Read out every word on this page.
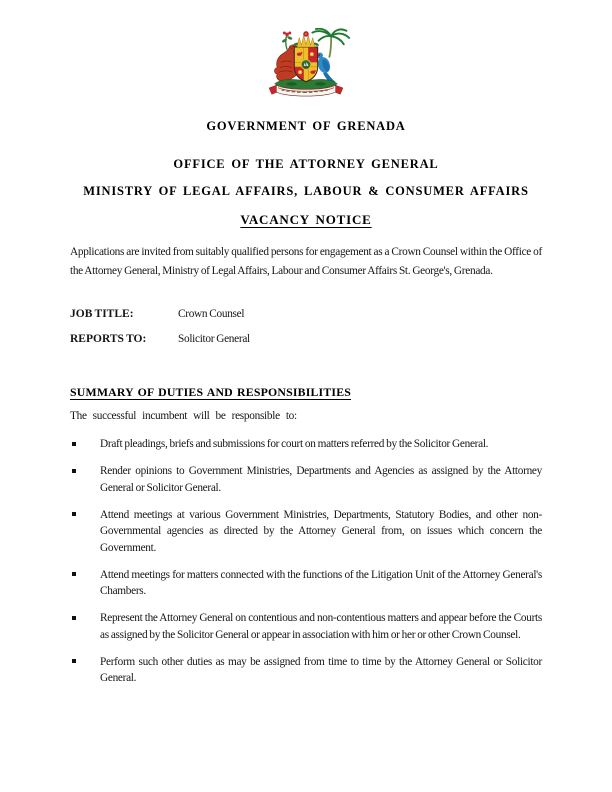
GOVERNMENT OF GRENADA
OFFICE OF THE ATTORNEY GENERAL
MINISTRY OF LEGAL AFFAIRS, LABOUR & CONSUMER AFFAIRS
VACANCY NOTICE

Applications are invited from suitably qualified persons for engagement as a Crown Counsel within the Office of the Attorney General, Ministry of Legal Affairs, Labour and Consumer Affairs St. George's, Grenada.

JOB TITLE:	Crown Counsel
REPORTS TO:	Solicitor General
SUMMARY OF DUTIES AND RESPONSIBILITIES

The successful incumbent will be responsible to:

Draft pleadings, briefs and submissions for court on matters referred by the Solicitor General.
Render opinions to Government Ministries, Departments and Agencies as assigned by the Attorney General or Solicitor General.
Attend meetings at various Government Ministries, Departments, Statutory Bodies, and other non-Governmental agencies as directed by the Attorney General from, on issues which concern the Government.
Attend meetings for matters connected with the functions of the Litigation Unit of the Attorney General's Chambers.
Represent the Attorney General on contentious and non-contentious matters and appear before the Courts as assigned by the Solicitor General or appear in association with him or her or other Crown Counsel.
Perform such other duties as may be assigned from time to time by the Attorney General or Solicitor General.
